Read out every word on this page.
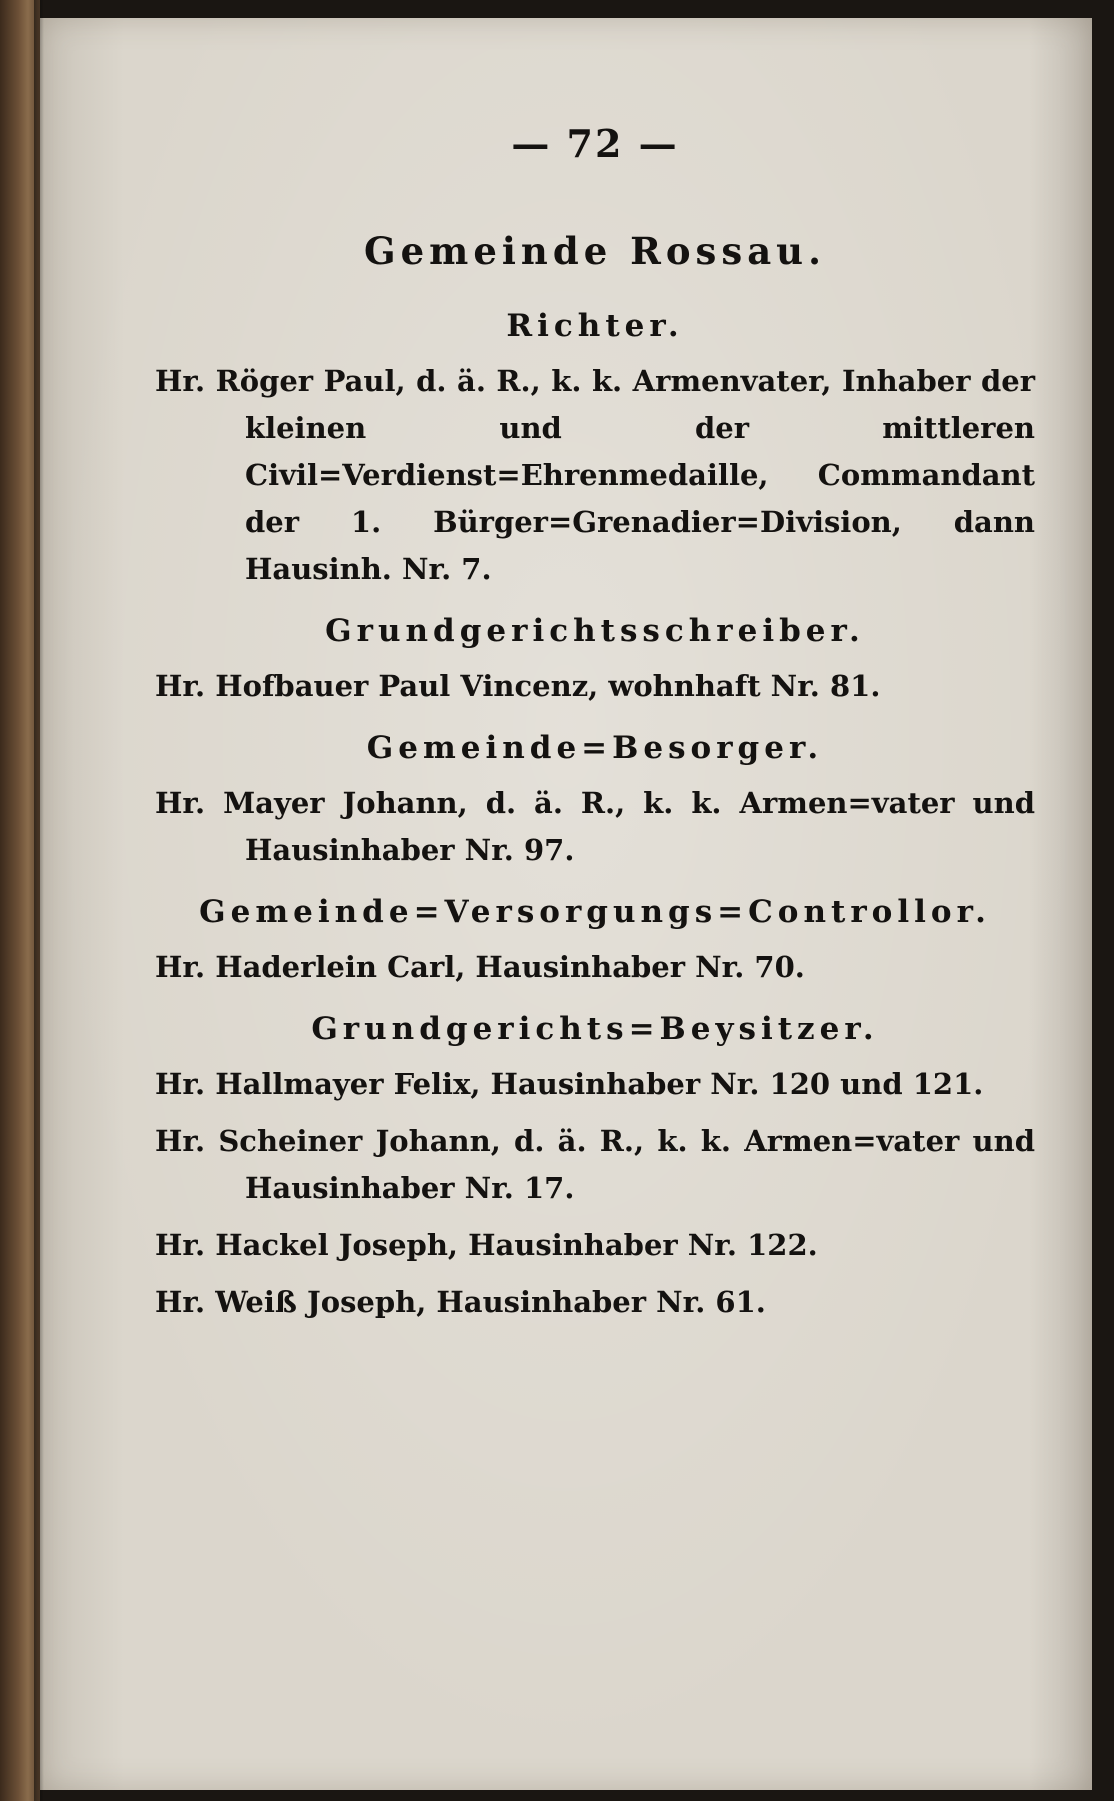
— 72 —
Gemeinde Rossau.
Richter.
Hr. Röger Paul, d. ä. R., k. k. Armenvater, Inhaber der kleinen und der mittleren Civil=Verdienst=Ehrenmedaille, Commandant der 1. Bürger=Grenadier=Division, dann Hausinh. Nr. 7.
Grundgerichtsschreiber.
Hr. Hofbauer Paul Vincenz, wohnhaft Nr. 81.
Gemeinde=Besorger.
Hr. Mayer Johann, d. ä. R., k. k. Armen=vater und Hausinhaber Nr. 97.
Gemeinde=Versorgungs=Controllor.
Hr. Haderlein Carl, Hausinhaber Nr. 70.
Grundgerichts=Beysitzer.
Hr. Hallmayer Felix, Hausinhaber Nr. 120 und 121.
Hr. Scheiner Johann, d. ä. R., k. k. Armen=vater und Hausinhaber Nr. 17.
Hr. Hackel Joseph, Hausinhaber Nr. 122.
Hr. Weiß Joseph, Hausinhaber Nr. 61.
